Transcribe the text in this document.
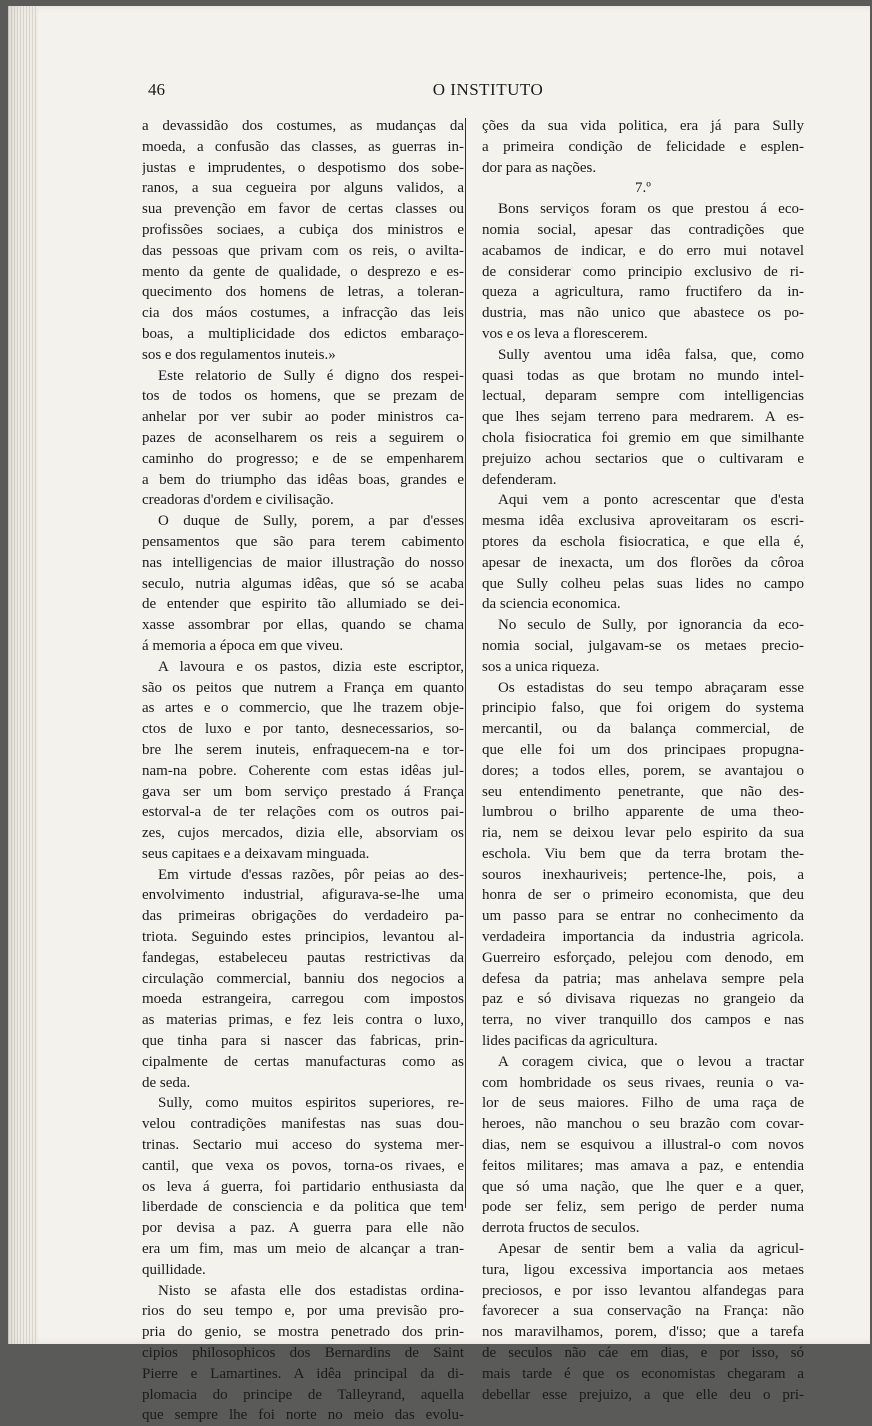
46	O INSTITUTO
a devassidão dos costumes, as mudanças da
moeda, a confusão das classes, as guerras in-
justas e imprudentes, o despotismo dos sobe-
ranos, a sua cegueira por alguns validos, a
sua prevenção em favor de certas classes ou
profissões sociaes, a cubiça dos ministros e
das pessoas que privam com os reis, o avilta-
mento da gente de qualidade, o desprezo e es-
quecimento dos homens de letras, a toleran-
cia dos máos costumes, a infracção das leis
boas, a multiplicidade dos edictos embaraço-
sos e dos regulamentos inuteis.»
Este relatorio de Sully é digno dos respei-
tos de todos os homens, que se prezam de
anhelar por ver subir ao poder ministros ca-
pazes de aconselharem os reis a seguirem o
caminho do progresso; e de se empenharem
a bem do triumpho das idêas boas, grandes e
creadoras d'ordem e civilisação.
O duque de Sully, porem, a par d'esses
pensamentos que são para terem cabimento
nas intelligencias de maior illustração do nosso
seculo, nutria algumas idêas, que só se acaba
de entender que espirito tão allumiado se dei-
xasse assombrar por ellas, quando se chama
á memoria a época em que viveu.
A lavoura e os pastos, dizia este escriptor,
são os peitos que nutrem a França em quanto
as artes e o commercio, que lhe trazem obje-
ctos de luxo e por tanto, desnecessarios, so-
bre lhe serem inuteis, enfraquecem-na e tor-
nam-na pobre. Coherente com estas idêas jul-
gava ser um bom serviço prestado á França
estorval-a de ter relações com os outros pai-
zes, cujos mercados, dizia elle, absorviam os
seus capitaes e a deixavam minguada.
Em virtude d'essas razões, pôr peias ao des-
envolvimento industrial, afigurava-se-lhe uma
das primeiras obrigações do verdadeiro pa-
triota. Seguindo estes principios, levantou al-
fandegas, estabeleceu pautas restrictivas da
circulação commercial, banniu dos negocios a
moeda estrangeira, carregou com impostos
as materias primas, e fez leis contra o luxo,
que tinha para si nascer das fabricas, prin-
cipalmente de certas manufacturas como as
de seda.
Sully, como muitos espiritos superiores, re-
velou contradições manifestas nas suas dou-
trinas. Sectario mui acceso do systema mer-
cantil, que vexa os povos, torna-os rivaes, e
os leva á guerra, foi partidario enthusiasta da
liberdade de consciencia e da politica que tem
por devisa a paz. A guerra para elle não
era um fim, mas um meio de alcançar a tran-
quillidade.
Nisto se afasta elle dos estadistas ordina-
rios do seu tempo e, por uma previsão pro-
pria do genio, se mostra penetrado dos prin-
cipios philosophicos dos Bernardins de Saint
Pierre e Lamartines. A idêa principal da di-
plomacia do principe de Talleyrand, aquella
que sempre lhe foi norte no meio das evolu-
ções da sua vida politica, era já para Sully
a primeira condição de felicidade e esplen-
dor para as nações.
7.º
Bons serviços foram os que prestou á eco-
nomia social, apesar das contradições que
acabamos de indicar, e do erro mui notavel
de considerar como principio exclusivo de ri-
queza a agricultura, ramo fructifero da in-
dustria, mas não unico que abastece os po-
vos e os leva a florescerem.
Sully aventou uma idêa falsa, que, como
quasi todas as que brotam no mundo intel-
lectual, deparam sempre com intelligencias
que lhes sejam terreno para medrarem. A es-
chola fisiocratica foi gremio em que similhante
prejuizo achou sectarios que o cultivaram e
defenderam.
Aqui vem a ponto acrescentar que d'esta
mesma idêa exclusiva aproveitaram os escri-
ptores da eschola fisiocratica, e que ella é,
apesar de inexacta, um dos florões da côroa
que Sully colheu pelas suas lides no campo
da sciencia economica.
No seculo de Sully, por ignorancia da eco-
nomia social, julgavam-se os metaes precio-
sos a unica riqueza.
Os estadistas do seu tempo abraçaram esse
principio falso, que foi origem do systema
mercantil, ou da balança commercial, de
que elle foi um dos principaes propugna-
dores; a todos elles, porem, se avantajou o
seu entendimento penetrante, que não des-
lumbrou o brilho apparente de uma theo-
ria, nem se deixou levar pelo espirito da sua
eschola. Viu bem que da terra brotam the-
souros inexhauriveis; pertence-lhe, pois, a
honra de ser o primeiro economista, que deu
um passo para se entrar no conhecimento da
verdadeira importancia da industria agricola.
Guerreiro esforçado, pelejou com denodo, em
defesa da patria; mas anhelava sempre pela
paz e só divisava riquezas no grangeio da
terra, no viver tranquillo dos campos e nas
lides pacificas da agricultura.
A coragem civica, que o levou a tractar
com hombridade os seus rivaes, reunia o va-
lor de seus maiores. Filho de uma raça de
heroes, não manchou o seu brazão com covar-
dias, nem se esquivou a illustral-o com novos
feitos militares; mas amava a paz, e entendia
que só uma nação, que lhe quer e a quer,
pode ser feliz, sem perigo de perder numa
derrota fructos de seculos.
Apesar de sentir bem a valia da agricul-
tura, ligou excessiva importancia aos metaes
preciosos, e por isso levantou alfandegas para
favorecer a sua conservação na França: não
nos maravilhamos, porem, d'isso; que a tarefa
de seculos não cáe em dias, e por isso, só
mais tarde é que os economistas chegaram a
debellar esse prejuizo, a que elle deu o pri-
